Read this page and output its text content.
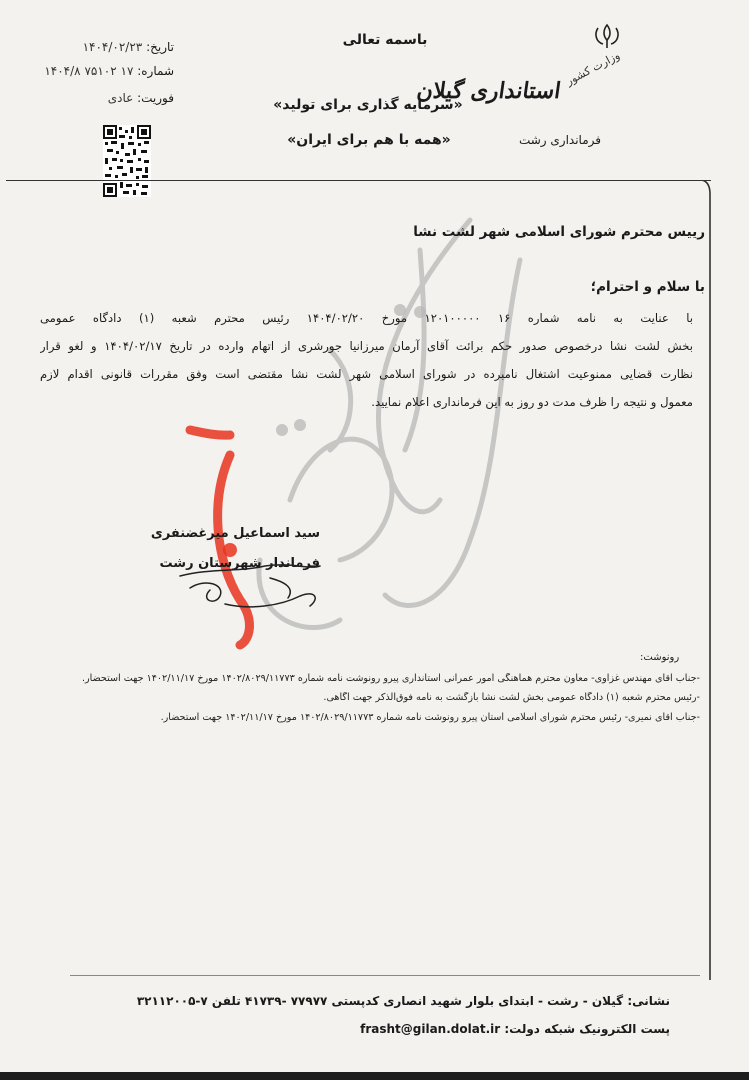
وزارت کشور
استانداری گیلان
فرمانداری رشت
باسمه تعالی
«سرمایه گذاری برای تولید»
«همه با هم برای ایران»
تاریخ: ۱۴۰۴/۰۲/۲۳
شماره: ۱۷ ۷۵۱۰۲ ۱۴۰۴/۸
فوریت: عادی
رییس محترم شورای اسلامی شهر لشت نشا
با سلام و احترام؛
با عنایت به نامه شماره ۱۶ ۱۲۰۱۰۰۰۰۰ مورخ ۱۴۰۴/۰۲/۲۰ رئیس محترم شعبه (۱) دادگاه عمومی
بخش لشت نشا درخصوص صدور حکم برائت آقای آرمان میرزانیا جورشری از اتهام وارده در تاریخ ۱۴۰۴/۰۲/۱۷ و لغو قرار
نظارت قضایی ممنوعیت اشتغال نامبرده در شورای اسلامی شهر لشت نشا مقتضی است وفق مقررات قانونی اقدام لازم
معمول و نتیجه را ظرف مدت دو روز به این فرمانداری اعلام نمایید.
سید اسماعیل میرغضنفری
فرماندار شهرستان رشت
رونوشت:
-جناب آقای مهندس غزاوی- معاون محترم هماهنگی امور عمرانی استانداری پیرو رونوشت نامه شماره ۱۴۰۲/۸۰۲۹/۱۱۷۷۳ مورخ ۱۴۰۲/۱۱/۱۷ جهت استحضار.
-رئیس محترم شعبه (۱) دادگاه عمومی بخش لشت نشا بازگشت به نامه فوق‌الذکر جهت آگاهی.
-جناب آقای نمیری- رئیس محترم شورای اسلامی استان پیرو رونوشت نامه شماره ۱۴۰۲/۸۰۲۹/۱۱۷۷۳ مورخ ۱۴۰۲/۱۱/۱۷ جهت استحضار.
نشانی: گیلان - رشت - ابتدای بلوار شهید انصاری کدپستی ۷۷۹۷۷ -۴۱۷۳۹ تلفن ۷-۳۲۱۱۲۰۰۵
پست الکترونیک شبکه دولت: frasht@gilan.dolat.ir
